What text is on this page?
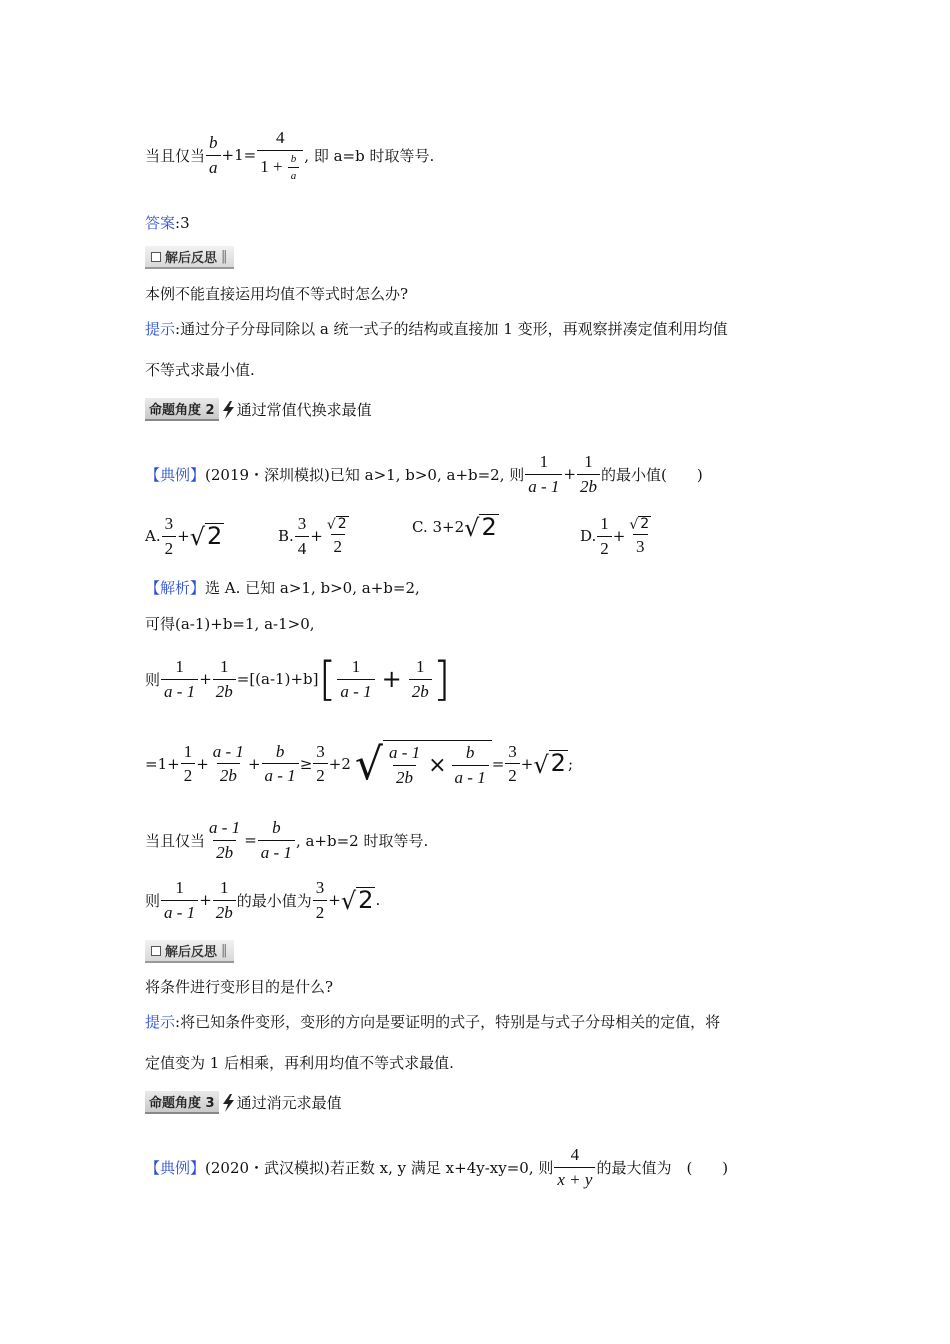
当且仅当 $\frac{b}{a} +1= \frac{4}{1 + \frac{b}{a}}$ , 即 a=b 时取等号.
答案 :3
解后反思 ‖
本例不能直接运用均值不等式时怎么办?
提示 :通过分子分母同除以 a 统一式子的结构或直接加 1 变形，再观察拼凑定值利用均值
不等式求最小值.
命题角度 2 通过常值代换求最值
【典例】 (2019・深圳模拟)已知 a>1, b>0, a+b=2, 则 $\frac{1}{a - 1} + \frac{1}{2b}$ 的最小值(　　)
A. $\frac{3}{2}$ + √ 2	B. $\frac{3}{4} + \frac{√ 2}{2}$	C. 3+2 √ 2	D. $\frac{1}{2} + \frac{√ 2}{3}$
【解析】 选 A. 已知 a>1, b>0, a+b=2,
可得(a-1)+b=1, a-1>0,
则 $\frac{1}{a - 1} + \frac{1}{2b} =[(a-1)+b]$ [ $\frac{1}{a - 1} + \frac{1}{2b}$ ]
$=1+ \frac{1}{2} + \frac{a - 1}{2b} + \frac{b}{a - 1} \ge \frac{3}{2} +2$ √ $\frac{a - 1}{2b} \times \frac{b}{a - 1} = \frac{3}{2}$ + √ 2 ;
当且仅当 $\frac{a - 1}{2b} = \frac{b}{a - 1}$ , a+b=2 时取等号.
则 $\frac{1}{a - 1} + \frac{1}{2b}$ 的最小值为 $\frac{3}{2}$ + √ 2 .
解后反思 ‖
将条件进行变形目的是什么?
提示 :将已知条件变形，变形的方向是要证明的式子，特别是与式子分母相关的定值，将
定值变为 1 后相乘，再利用均值不等式求最值.
命题角度 3 通过消元求最值
【典例】 (2020・武汉模拟)若正数 x, y 满足 x+4y-xy=0, 则 $\frac{4}{x + y}$ 的最大值为　(　　)
